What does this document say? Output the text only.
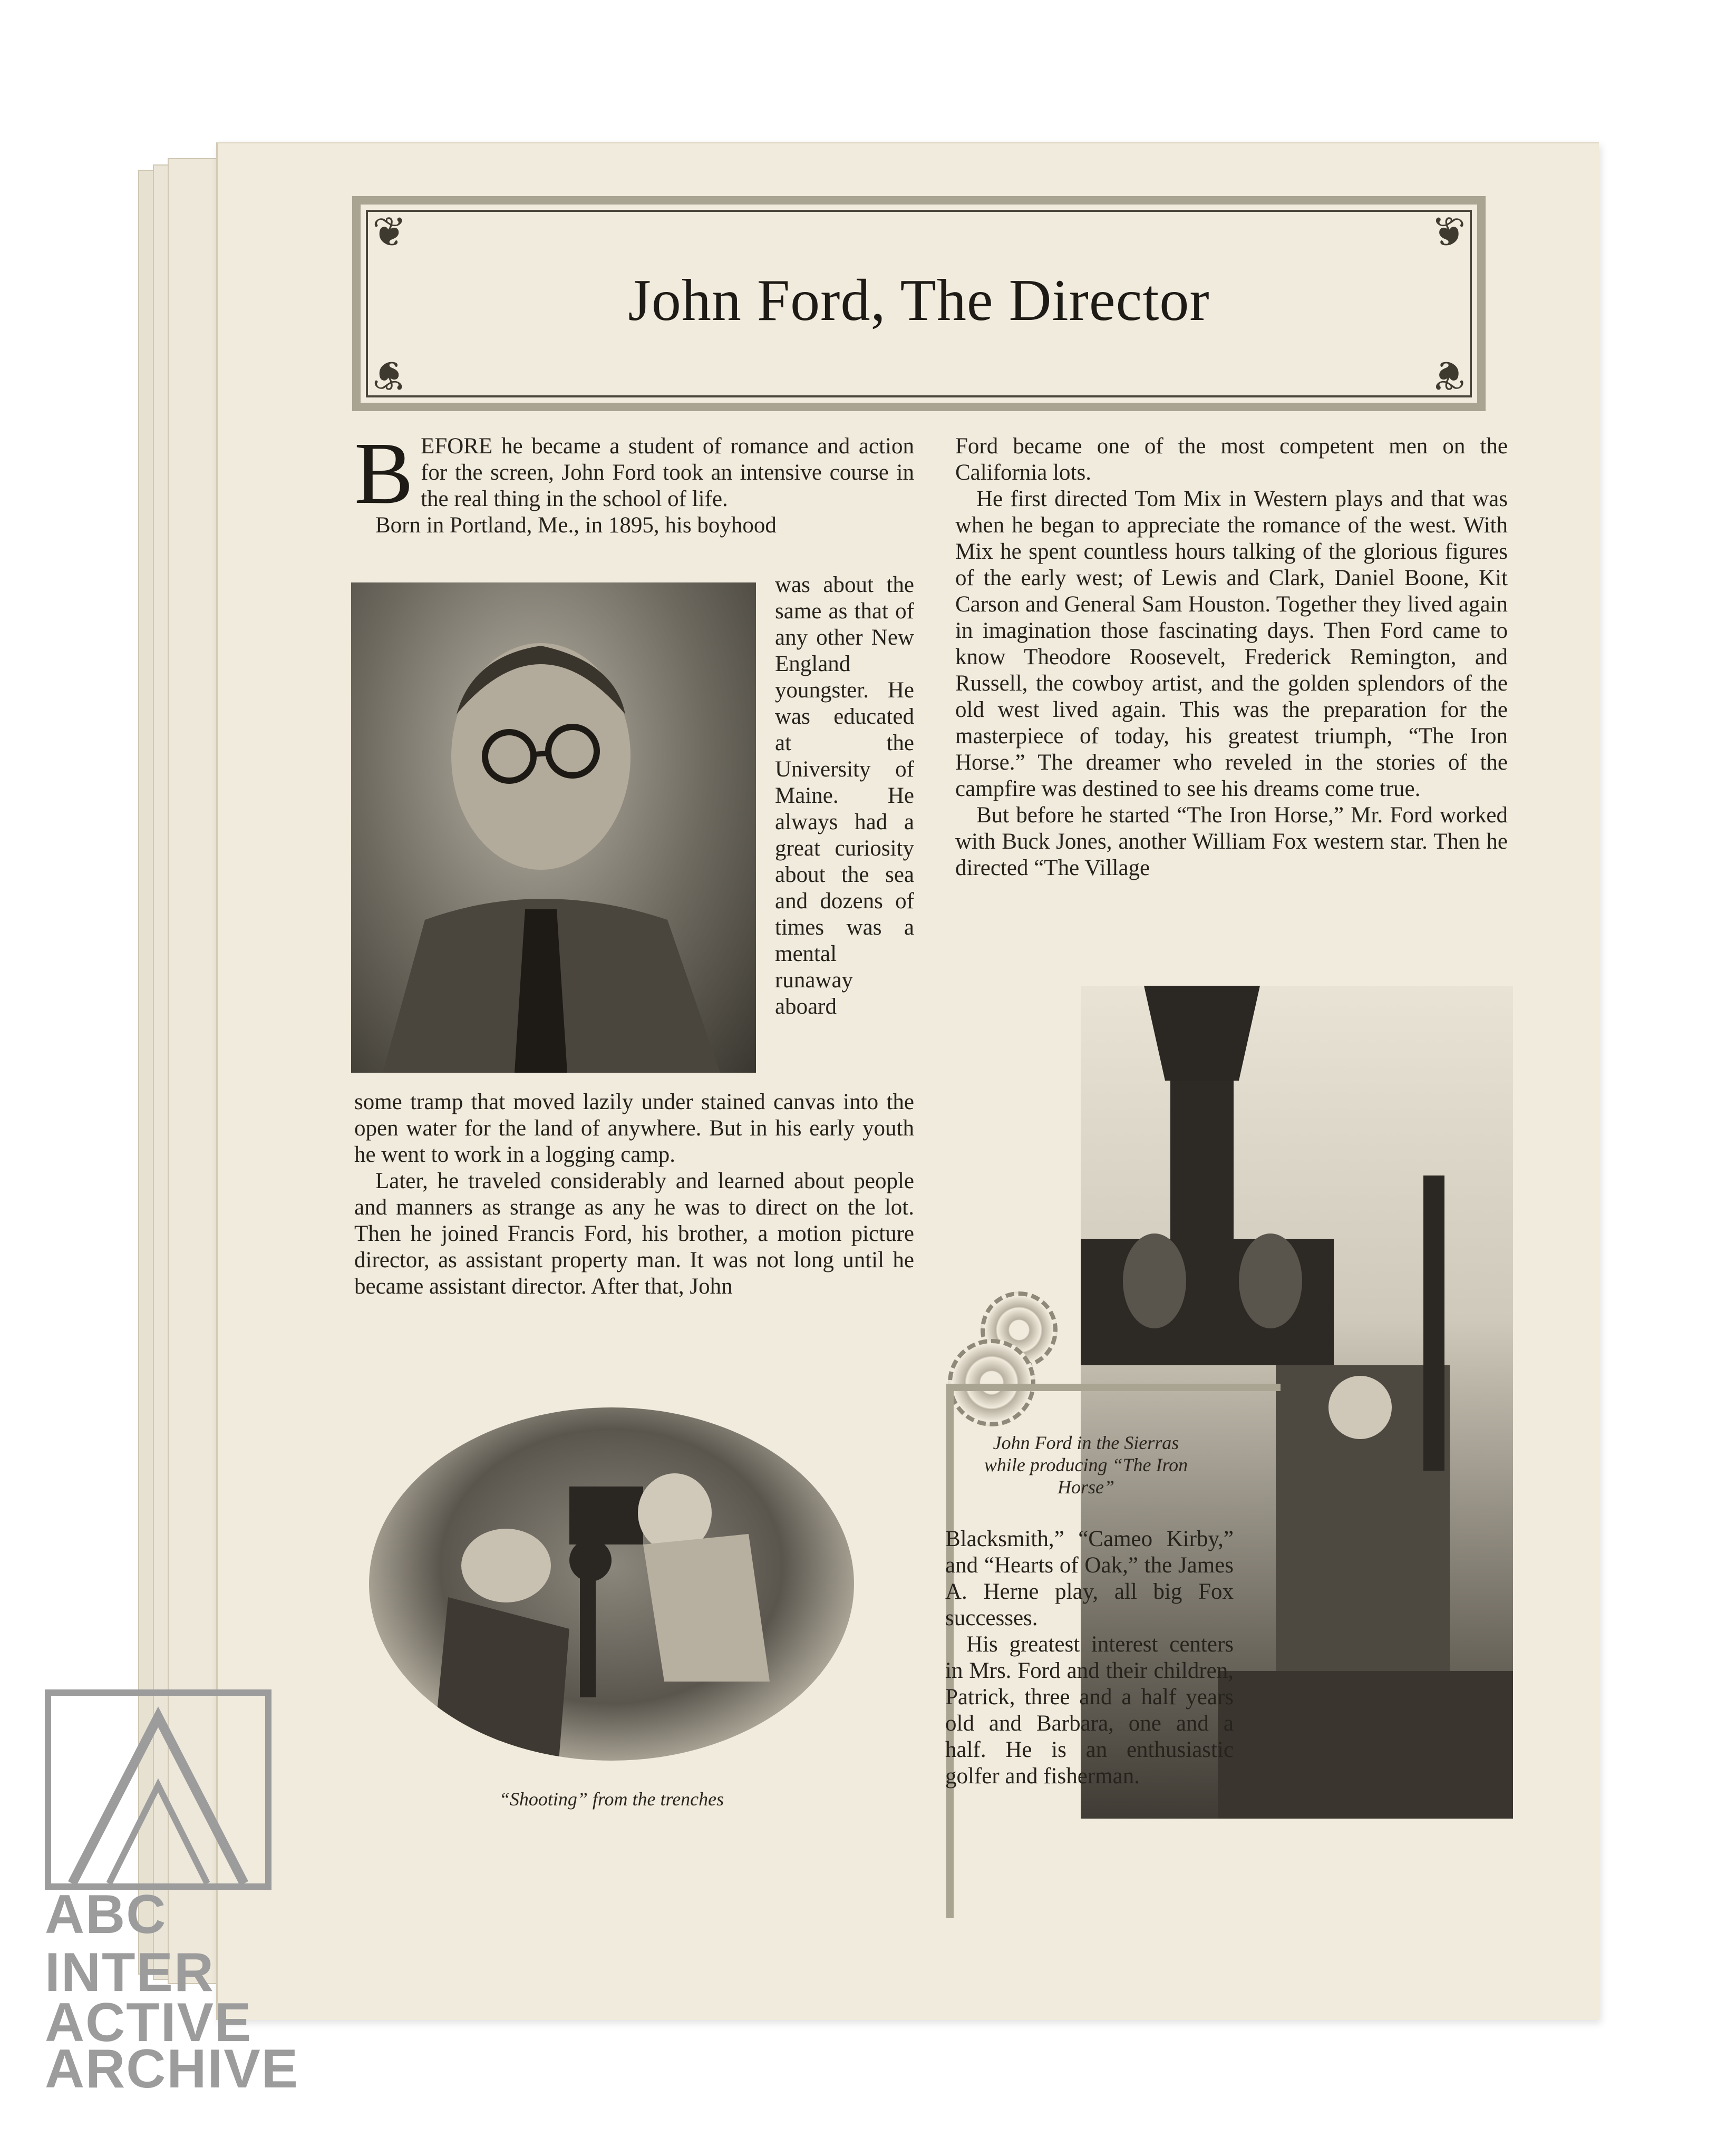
❦	❦
❦	❦
John Ford, The Director

BEFORE he became a student of romance and action for the screen, John Ford took an intensive course in the real thing in the school of life.

Born in Portland, Me., in 1895, his boyhood

was about the same as that of any other New England youngster. He was educated at the University of Maine. He always had a great curiosity about the sea and dozens of times was a mental runaway aboard

some tramp that moved lazily under stained canvas into the open water for the land of anywhere. But in his early youth he went to work in a logging camp.

Later, he traveled considerably and learned about people and manners as strange as any he was to direct on the lot. Then he joined Francis Ford, his brother, a motion picture director, as assistant property man. It was not long until he became assistant director. After that, John

“Shooting” from the trenches

Ford became one of the most competent men on the California lots.

He first directed Tom Mix in Western plays and that was when he began to appreciate the romance of the west. With Mix he spent countless hours talking of the glorious figures of the early west; of Lewis and Clark, Daniel Boone, Kit Carson and General Sam Houston. Together they lived again in imagination those fascinating days. Then Ford came to know Theodore Roosevelt, Frederick Remington, and Russell, the cowboy artist, and the golden splendors of the old west lived again. This was the preparation for the masterpiece of today, his greatest triumph, “The Iron Horse.” The dreamer who reveled in the stories of the campfire was destined to see his dreams come true.

But before he started “The Iron Horse,” Mr. Ford worked with Buck Jones, another William Fox western star. Then he directed “The Village

John Ford in the Sierras while producing “The Iron Horse”

Blacksmith,” “Cameo Kirby,” and “Hearts of Oak,” the James A. Herne play, all big Fox successes.

His greatest interest centers in Mrs. Ford and their children, Patrick, three and a half years old and Barbara, one and a half. He is an enthusiastic golfer and fisherman.

ABC
INTER
ACTIVE
ARCHIVE
